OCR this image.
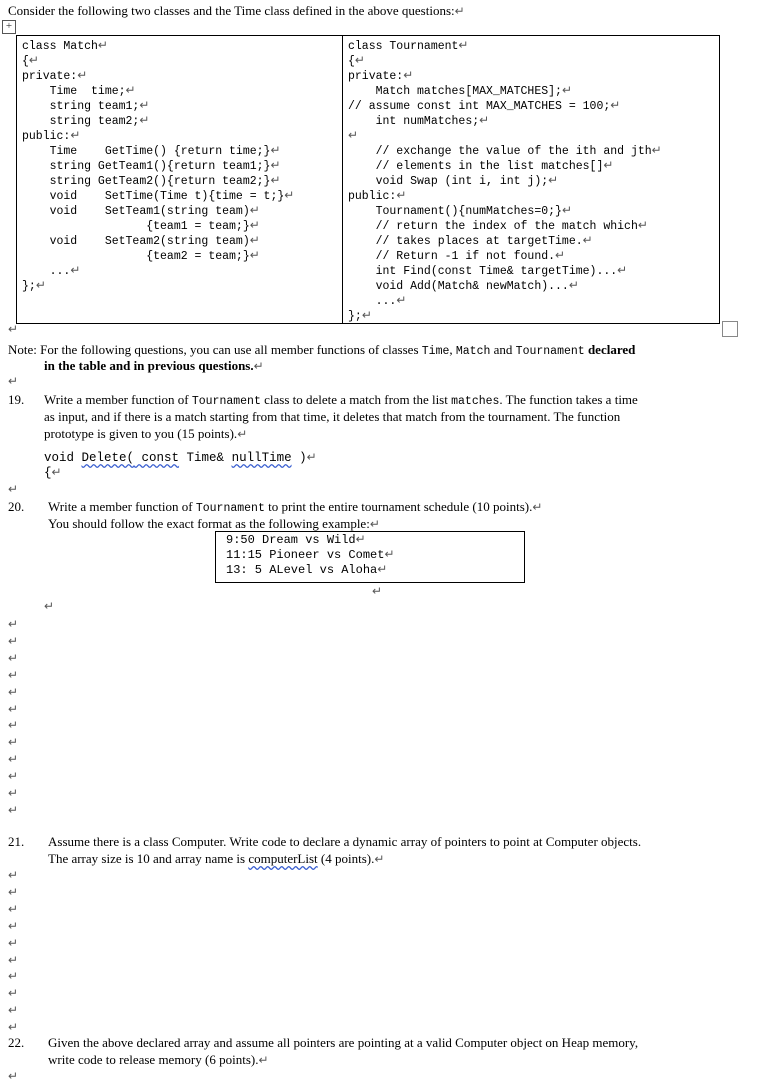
Consider the following two classes and the Time class defined in the above questions:↵
+
class Match↵
{↵
private:↵
Time  time;↵
string team1;↵
string team2;↵
public:↵
Time    GetTime() {return time;}↵
string GetTeam1(){return team1;}↵
string GetTeam2(){return team2;}↵
void    SetTime(Time t){time = t;}↵
void    SetTeam1(string team)↵
{team1 = team;}↵
void    SetTeam2(string team)↵
{team2 = team;}↵
...↵
};↵

class Tournament↵
{↵
private:↵
Match matches[MAX_MATCHES];↵
// assume const int MAX_MATCHES = 100;↵
int numMatches;↵
↵
// exchange the value of the ith and jth↵
// elements in the list matches[]↵
void Swap (int i, int j);↵
public:↵
Tournament(){numMatches=0;}↵
// return the index of the match which↵
// takes places at targetTime.↵
// Return -1 if not found.↵
int Find(const Time& targetTime)...↵
void Add(Match& newMatch)...↵
...↵
};↵
↵
Note: For the following questions, you can use all member functions of classes Time, Match and Tournament declared
in the table and in previous questions.↵
↵
19. Write a member function of Tournament class to delete a match from the list matches. The function takes a time
as input, and if there is a match starting from that time, it deletes that match from the tournament. The function
prototype is given to you (15 points).↵
void Delete( const Time& nullTime )↵
{↵
↵
20. Write a member function of Tournament to print the entire tournament schedule (10 points).↵
You should follow the exact format as the following example:↵
9:50 Dream vs Wild↵
11:15 Pioneer vs Comet↵
13: 5 ALevel vs Aloha↵
↵
↵
↵
↵
↵
↵
↵
↵
↵
↵
↵
↵
↵
↵
21. Assume there is a class Computer. Write code to declare a dynamic array of pointers to point at Computer objects.
The array size is 10 and array name is computerList (4 points).↵
↵
↵
↵
↵
↵
↵
↵
↵
↵
↵
22. Given the above declared array and assume all pointers are pointing at a valid Computer object on Heap memory,
write code to release memory (6 points).↵
↵
